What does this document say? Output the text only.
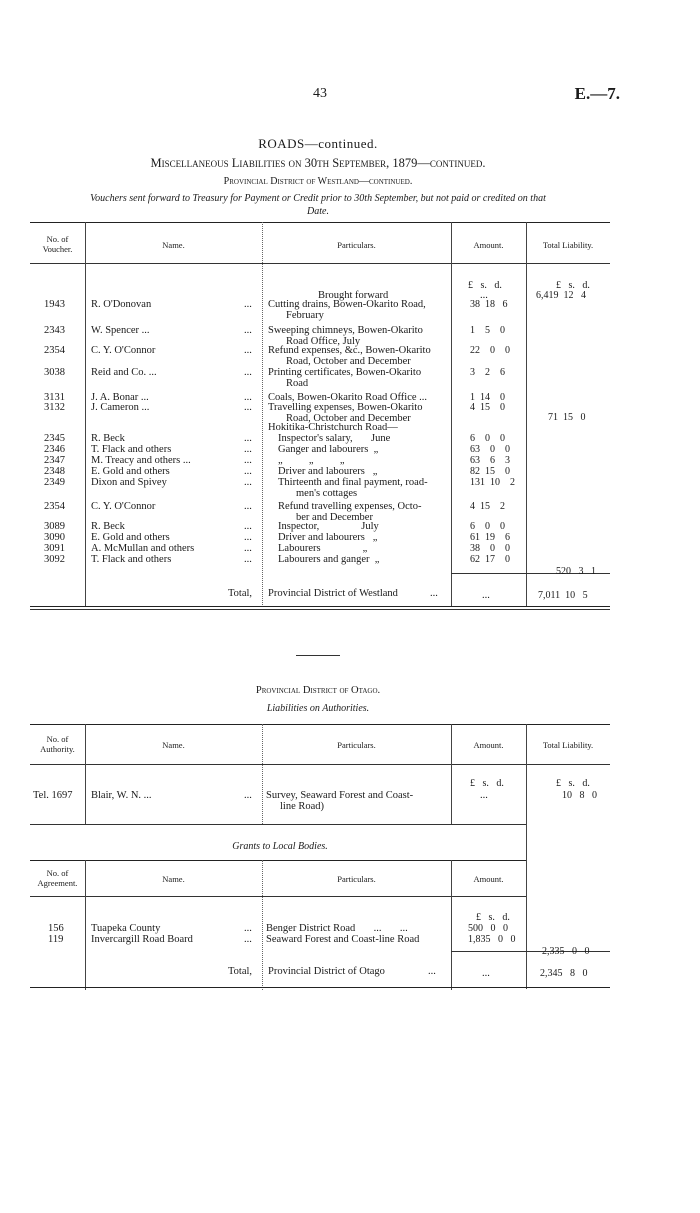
43	E.—7.
ROADS—continued.
Miscellaneous Liabilities on 30th September, 1879—continued.
Provincial District of Westland—continued.
Vouchers sent forward to Treasury for Payment or Credit prior to 30th September, but not paid or credited on that
Date.
No. of
Voucher.	Name.	Particulars.	Amount.	Total Liability.
£   s.   d.	£   s.   d.
Brought forward	...	6,419  12   4
1943 R. O'Donovan	... Cutting drains, Bowen-Okarito Road,	38  18   6
February
2343 W. Spencer ...	... Sweeping chimneys, Bowen-Okarito	1    5    0
Road Office, July
2354 C. Y. O'Connor	... Refund expenses, &c., Bowen-Okarito	22    0    0
Road, October and December
3038 Reid and Co. ...	... Printing certificates, Bowen-Okarito	3    2    6
Road
3131 J. A. Bonar ...	... Coals, Bowen-Okarito Road Office ...	1  14    0
3132 J. Cameron ...	... Travelling expenses, Bowen-Okarito	4  15    0
Road, October and December	71  15   0
Hokitika-Christchurch Road—
2345 R. Beck	... Inspector's salary,       June	6    0    0
2346 T. Flack and others	... Ganger and labourers  „	63    0    0
2347 M. Treacy and others ...	... „          „          „	63    6    3
2348 E. Gold and others	... Driver and labourers   „	82  15    0
2349 Dixon and Spivey	... Thirteenth and final payment, road-	131  10    2
men's cottages
2354 C. Y. O'Connor	... Refund travelling expenses, Octo-	4  15    2
ber and December
3089 R. Beck	... Inspector,                July	6    0    0
3090 E. Gold and others	... Driver and labourers   „	61  19    6
3091 A. McMullan and others	... Labourers                „	38    0    0
3092 T. Flack and others	... Labourers and ganger  „	62  17    0
520   3   1
Total, Provincial District of Westland	...	...	7,011  10   5
Provincial District of Otago.
Liabilities on Authorities.
No. of
Authority.	Name.	Particulars.	Amount.	Total Liability.
£   s.   d.	£   s.   d.
Tel. 1697 Blair, W. N. ...	... Survey, Seaward Forest and Coast-	...	10   8   0
line Road)
Grants to Local Bodies.
No. of
Agreement.	Name.	Particulars.	Amount.
£   s.   d.
156	Tuapeka County	... Benger District Road       ...       ...	500   0   0
119	Invercargill Road Board	... Seaward Forest and Coast-line Road	1,835   0   0
2,335   0   0
Total, Provincial District of Otago	...	...	2,345   8   0
